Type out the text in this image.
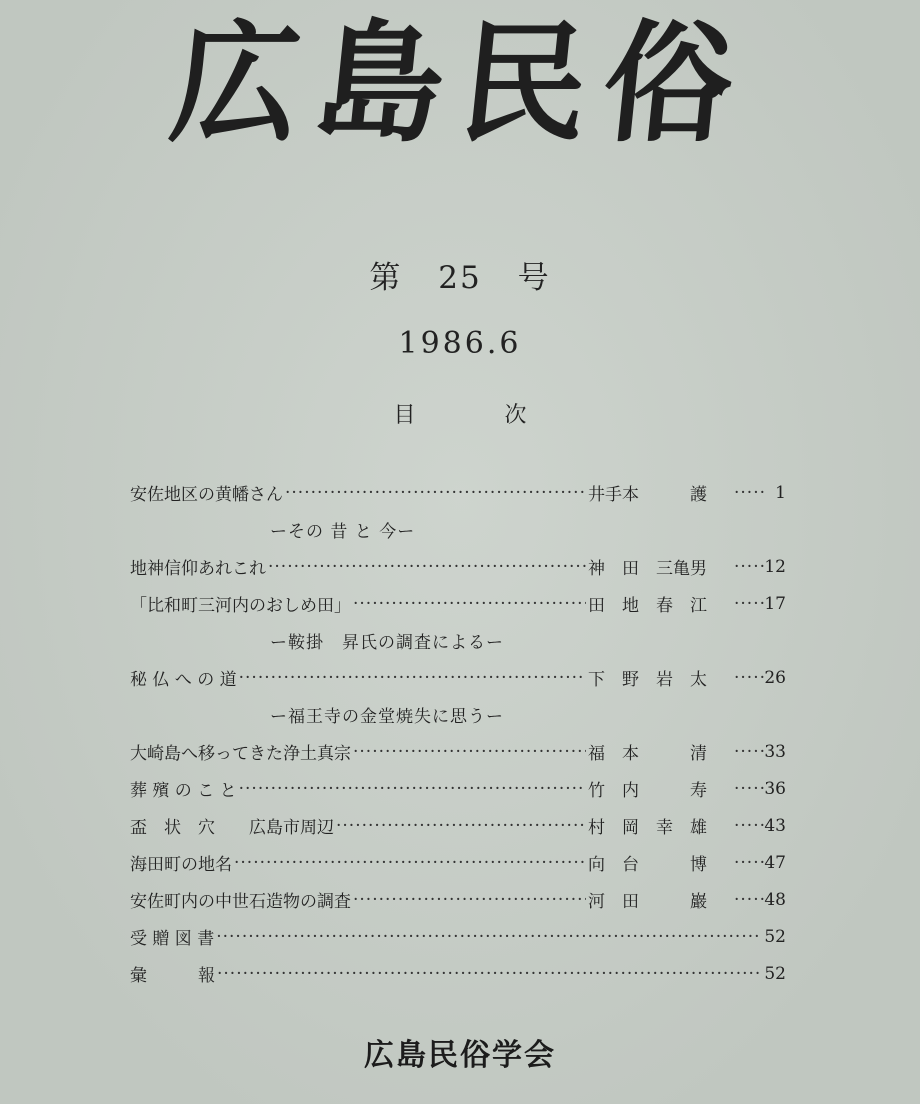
広島民俗
第 25 号
1986.6
目 次
安佐地区の黄幡さん ·····	井手本　　　護 ·····	1
ーその 昔 と 今ー
地神信仰あれこれ ·····	神　田　三亀男 ·····	12
「比和町三河内のおしめ田」 ·····	田　地　春　江 ·····	17
ー鞍掛　昇氏の調査によるー
秘 仏 へ の 道 ·····	下　野　岩　太 ·····	26
ー福王寺の金堂焼失に思うー
大崎島へ移ってきた浄土真宗 ·····	福　本　　　清 ·····	33
葬 殯 の こ と ·····	竹　内　　　寿 ·····	36
盃　状　穴　　広島市周辺 ·····	村　岡　幸　雄 ·····	43
海田町の地名 ·····	向　台　　　博 ·····	47
安佐町内の中世石造物の調査 ·····	河　田　　　巖 ·····	48
受 贈 図 書 ·····	52
彙　　　報 ·····	52
広島民俗学会
